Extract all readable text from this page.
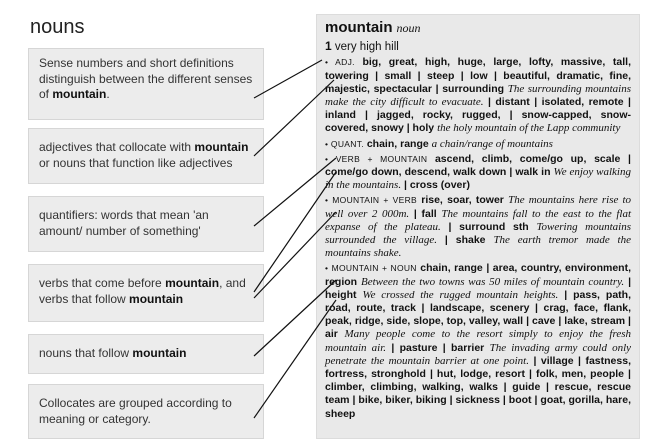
nouns

Sense numbers and short definitions distinguish between the different senses of mountain.

adjectives that collocate with mountain or nouns that function like adjectives

quantifiers: words that mean 'an amount/ number of something'

verbs that come before mountain, and verbs that follow mountain

nouns that follow mountain

Collocates are grouped according to meaning or category.

mountain noun
1 very high hill
• ADJ. big, great, high, huge, large, lofty, massive, tall, towering | small | steep | low | beautiful, dramatic, fine, majestic, spectacular | surrounding The surrounding mountains make the city difficult to evacuate. | distant | isolated, remote | inland | jagged, rocky, rugged, | snow-capped, snow-covered, snowy | holy the holy mountain of the Lapp community
• QUANT. chain, range a chain/range of mountains
• VERB + MOUNTAIN ascend, climb, come/go up, scale | come/go down, descend, walk down | walk in We enjoy walking in the mountains. | cross (over)
• MOUNTAIN + VERB rise, soar, tower The mountains here rise to well over 2 000m. | fall The mountains fall to the east to the flat expanse of the plateau. | surround sth Towering mountains surrounded the village. | shake The earth tremor made the mountains shake.
• MOUNTAIN + NOUN chain, range | area, country, environment, region Between the two towns was 50 miles of mountain country. | height We crossed the rugged mountain heights. | pass, path, road, route, track | landscape, scenery | crag, face, flank, peak, ridge, side, slope, top, valley, wall | cave | lake, stream | air Many people come to the resort simply to enjoy the fresh mountain air. | pasture | barrier The invading army could only penetrate the mountain barrier at one point. | village | fastness, fortress, stronghold | hut, lodge, resort | folk, men, people | climber, climbing, walking, walks | guide | rescue, rescue team | bike, biker, biking | sickness | boot | goat, gorilla, hare, sheep
